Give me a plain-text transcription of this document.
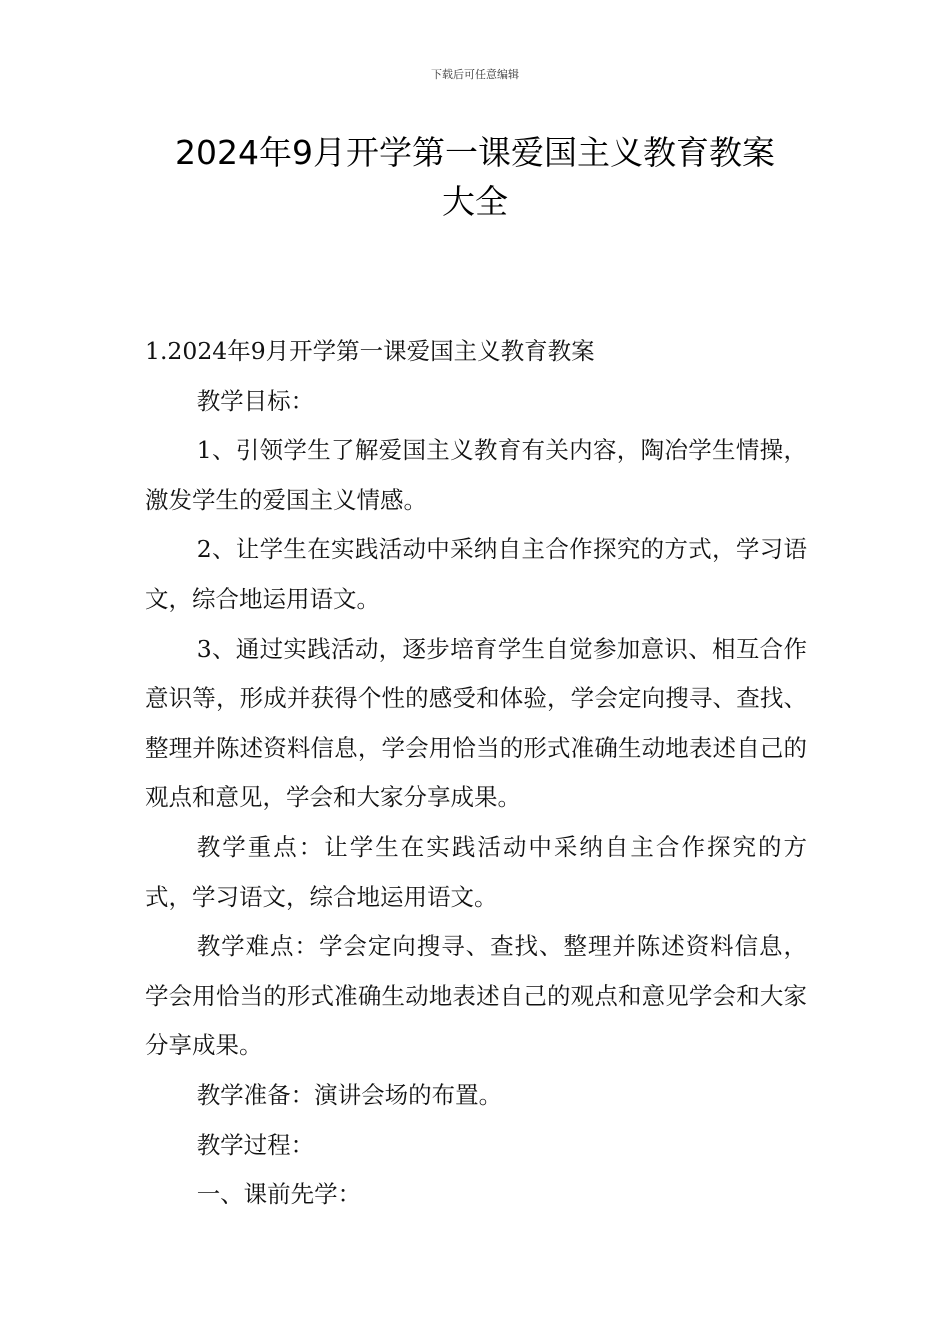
下载后可任意编辑
2024年9月开学第一课爱国主义教育教案
大全

1.2024年9月开学第一课爱国主义教育教案

教学目标：

1、引领学生了解爱国主义教育有关内容，陶冶学生情操，激发学生的爱国主义情感。

2、让学生在实践活动中采纳自主合作探究的方式，学习语文，综合地运用语文。

3、通过实践活动，逐步培育学生自觉参加意识、相互合作意识等，形成并获得个性的感受和体验，学会定向搜寻、查找、整理并陈述资料信息，学会用恰当的形式准确生动地表述自己的观点和意见，学会和大家分享成果。

教学重点：让学生在实践活动中采纳自主合作探究的方式，学习语文，综合地运用语文。

教学难点：学会定向搜寻、查找、整理并陈述资料信息，学会用恰当的形式准确生动地表述自己的观点和意见学会和大家分享成果。

教学准备：演讲会场的布置。

教学过程：

一、课前先学：
